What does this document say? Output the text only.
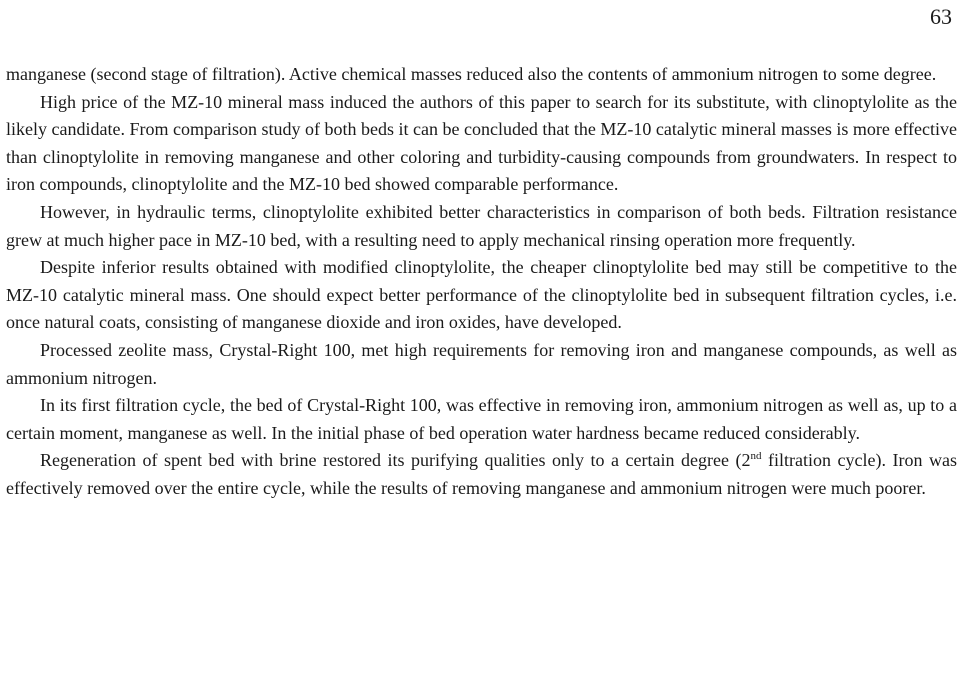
63

manganese (second stage of filtration). Active chemical masses reduced also the contents of ammonium nitrogen to some degree.

High price of the MZ-10 mineral mass induced the authors of this paper to search for its substitute, with clinoptylolite as the likely candidate. From comparison study of both beds it can be concluded that the MZ-10 catalytic mineral masses is more effective than clinoptylolite in removing manganese and other coloring and turbidity-causing compounds from groundwaters. In respect to iron compounds, clinoptylolite and the MZ-10 bed showed comparable performance.

However, in hydraulic terms, clinoptylolite exhibited better characteristics in comparison of both beds. Filtration resistance grew at much higher pace in MZ-10 bed, with a resulting need to apply mechanical rinsing operation more frequently.

Despite inferior results obtained with modified clinoptylolite, the cheaper clinoptylolite bed may still be competitive to the MZ-10 catalytic mineral mass. One should expect better performance of the clinoptylolite bed in subsequent filtration cycles, i.e. once natural coats, consisting of manganese dioxide and iron oxides, have developed.

Processed zeolite mass, Crystal-Right 100, met high requirements for removing iron and manganese compounds, as well as ammonium nitrogen.

In its first filtration cycle, the bed of Crystal-Right 100, was effective in removing iron, ammonium nitrogen as well as, up to a certain moment, manganese as well. In the initial phase of bed operation water hardness became reduced considerably.

Regeneration of spent bed with brine restored its purifying qualities only to a certain degree (2nd filtration cycle). Iron was effectively removed over the entire cycle, while the results of removing manganese and ammonium nitrogen were much poorer.
